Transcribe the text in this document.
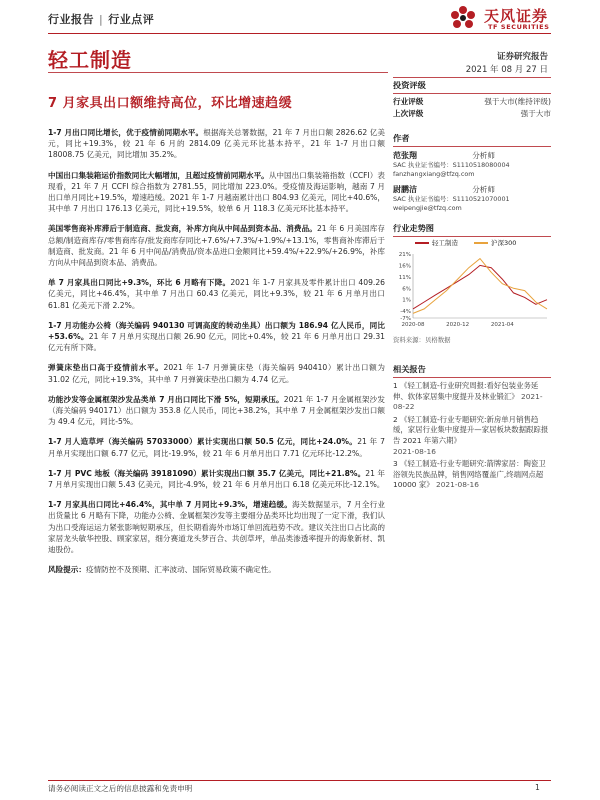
行业报告 | 行业点评	天风证券
TF SECURITIES
轻工制造	证券研究报告
2021 年 08 月 27 日
7 月家具出口额维持高位，环比增速趋缓

1-7 月出口同比增长，优于疫情前同期水平。根据海关总署数据，21 年 7 月出口额 2826.62 亿美元，同比+19.3%，较 21 年 6 月的 2814.09 亿美元环比基本持平，21 年 1-7 月出口额 18008.75 亿美元，同比增加 35.2%。

中国出口集装箱运价指数同比大幅增加，且超过疫情前同期水平。从中国出口集装箱指数（CCFI）表现看，21 年 7 月 CCFI 综合指数为 2781.55，同比增加 223.0%。受疫情及海运影响，越南 7 月出口单月同比+19.5%，增速趋缓。2021 年 1-7 月越南累计出口 804.93 亿美元，同比+40.6%，其中单 7 月出口 176.13 亿美元，同比+19.5%，较单 6 月 118.3 亿美元环比基本持平。

美国零售商补库滞后于制造商、批发商，补库方向从中间品到资本品、消费品。21 年 6 月美国库存总额/制造商库存/零售商库存/批发商库存同比+7.6%/+7.3%/+1.9%/+13.1%，零售商补库滞后于制造商、批发商。21 年 6 月中间品/消费品/资本品进口金额同比+59.4%/+22.9%/+26.9%，补库方向从中间品到资本品、消费品。

单 7 月家具出口同比+9.3%，环比 6 月略有下降。2021 年 1-7 月家具及零件累计出口 409.26 亿美元，同比+46.4%，其中单 7 月出口 60.43 亿美元，同比+9.3%，较 21 年 6 月单月出口 61.81 亿美元下滑 2.2%。

1-7 月功能办公椅（海关编码 940130 可调高度的转动坐具）出口额为 186.94 亿人民币，同比+53.6%。21 年 7 月单月实现出口额 26.90 亿元，同比+0.4%，较 21 年 6 月单月出口 29.31 亿元有所下降。

弹簧床垫出口高于疫情前水平。2021 年 1-7 月弹簧床垫（海关编码 940410）累计出口额为 31.02 亿元，同比+19.3%，其中单 7 月弹簧床垫出口额为 4.74 亿元。

功能沙发等金属框架沙发品类单 7 月出口同比下滑 5%，短期承压。2021 年 1-7 月金属框架沙发（海关编码 940171）出口额为 353.8 亿人民币，同比+38.2%，其中单 7 月金属框架沙发出口额为 49.4 亿元，同比-5%。

1-7 月人造草坪（海关编码 57033000）累计实现出口额 50.5 亿元，同比+24.0%。21 年 7 月单月实现出口额 6.77 亿元，同比-19.9%，较 21 年 6 月单月出口 7.71 亿元环比-12.2%。

1-7 月 PVC 地板（海关编码 39181090）累计实现出口额 35.7 亿美元，同比+21.8%。21 年 7 月单月实现出口额 5.43 亿美元，同比-4.9%，较 21 年 6 月单月出口 6.18 亿美元环比-12.1%。

1-7 月家具出口同比+46.4%，其中单 7 月同比+9.3%，增速趋缓。海关数据显示，7 月全行业出货量比 6 月略有下降，功能办公椅、金属框架沙发等主要细分品类环比均出现了一定下滑，我们认为出口受海运运力紧张影响短期承压，但长期看海外市场订单回流趋势不改。建议关注出口占比高的家居龙头敏华控股、顾家家居，细分赛道龙头梦百合、共创草坪，单品类渗透率提升的海象新材、凯迪股份。

风险提示：疫情防控不及预期、汇率波动、国际贸易政策不确定性。

投资评级
行业评级	强于大市(维持评级)
上次评级	强于大市
作者
范张翔	分析师
SAC 执业证书编号：S1110518080004
fanzhangxiang@tfzq.com
尉鹏洁	分析师
SAC 执业证书编号：S1110521070001
weipengjie@tfzq.com
行业走势图
轻工制造	沪深300
21%
16%
11%
6%
1%
-4%
-7%
2020-08	2020-12	2021-04
资料来源：贝格数据
相关报告
1 《轻工制造-行业研究周报:看好包装业务延伸、软体家居集中度提升及林业锻汇》 2021-08-22
2 《轻工制造-行业专题研究:新房单月销售趋缓，家居行业集中度提升—家居板块数据跟踪报告 2021 年第六期》
2021-08-16
3 《轻工制造-行业专题研究:箭牌家居：陶瓷卫浴领先民族品牌，销售网络覆盖广,终端网点超 10000 家》 2021-08-16
请务必阅读正文之后的信息披露和免责申明	1
